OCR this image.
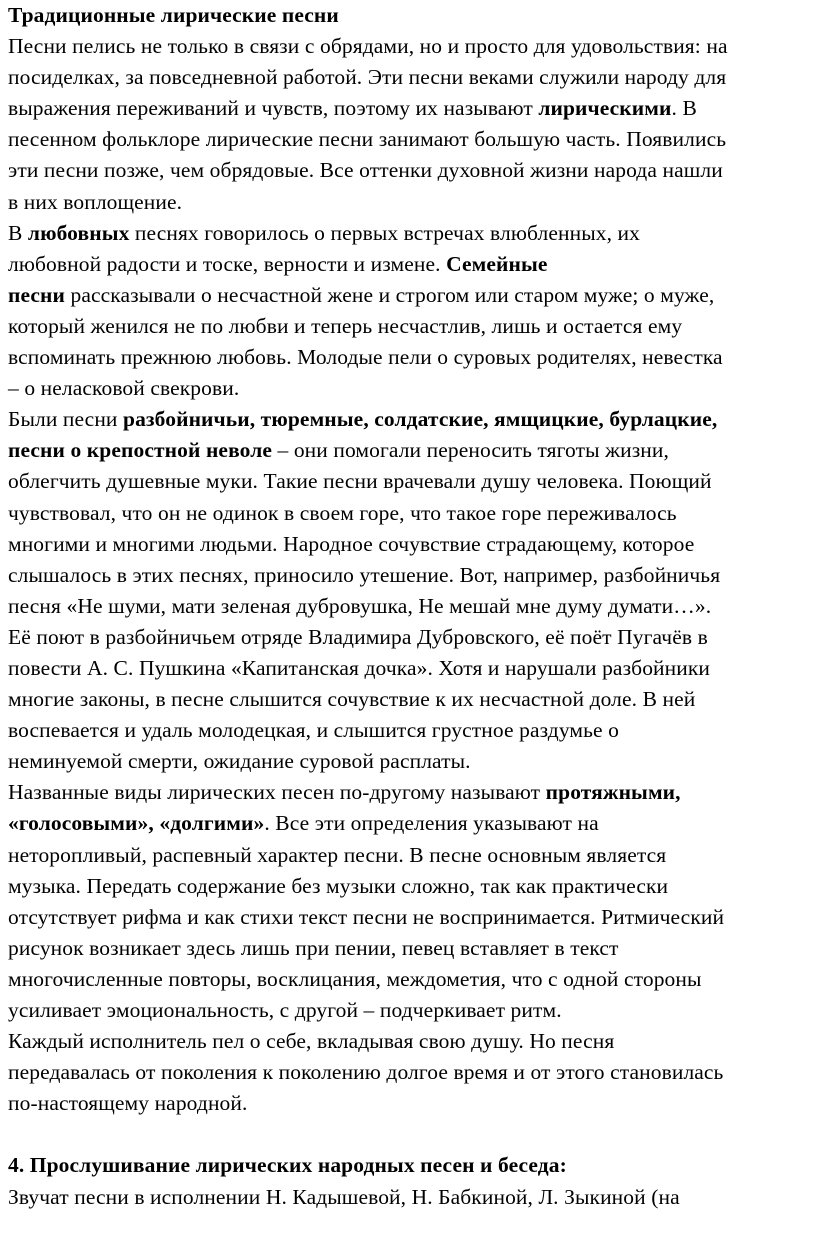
Традиционные лирические песни
Песни пелись не только в связи с обрядами, но и просто для удовольствия: на
посиделках, за повседневной работой. Эти песни веками служили народу для
выражения переживаний и чувств, поэтому их называют лирическими. В
песенном фольклоре лирические песни занимают большую часть. Появились
эти песни позже, чем обрядовые. Все оттенки духовной жизни народа нашли
в них воплощение.
В любовных песнях говорилось о первых встречах влюбленных, их
любовной радости и тоске, верности и измене. Семейные
песни рассказывали о несчастной жене и строгом или старом муже; о муже,
который женился не по любви и теперь несчастлив, лишь и остается ему
вспоминать прежнюю любовь. Молодые пели о суровых родителях, невестка
– о неласковой свекрови.
Были песни разбойничьи, тюремные, солдатские, ямщицкие, бурлацкие,
песни о крепостной неволе – они помогали переносить тяготы жизни,
облегчить душевные муки. Такие песни врачевали душу человека. Поющий
чувствовал, что он не одинок в своем горе, что такое горе переживалось
многими и многими людьми. Народное сочувствие страдающему, которое
слышалось в этих песнях, приносило утешение. Вот, например, разбойничья
песня «Не шуми, мати зеленая дубровушка, Не мешай мне думу думати…».
Её поют в разбойничьем отряде Владимира Дубровского, её поёт Пугачёв в
повести А. С. Пушкина «Капитанская дочка». Хотя и нарушали разбойники
многие законы, в песне слышится сочувствие к их несчастной доле. В ней
воспевается и удаль молодецкая, и слышится грустное раздумье о
неминуемой смерти, ожидание суровой расплаты.
Названные виды лирических песен по-другому называют протяжными,
«голосовыми», «долгими». Все эти определения указывают на
неторопливый, распевный характер песни. В песне основным является
музыка. Передать содержание без музыки сложно, так как практически
отсутствует рифма и как стихи текст песни не воспринимается. Ритмический
рисунок возникает здесь лишь при пении, певец вставляет в текст
многочисленные повторы, восклицания, междометия, что с одной стороны
усиливает эмоциональность, с другой – подчеркивает ритм.
Каждый исполнитель пел о себе, вкладывая свою душу. Но песня
передавалась от поколения к поколению долгое время и от этого становилась
по-настоящему народной.
4. Прослушивание лирических народных песен и беседа:
Звучат песни в исполнении Н. Кадышевой, Н. Бабкиной, Л. Зыкиной (на
